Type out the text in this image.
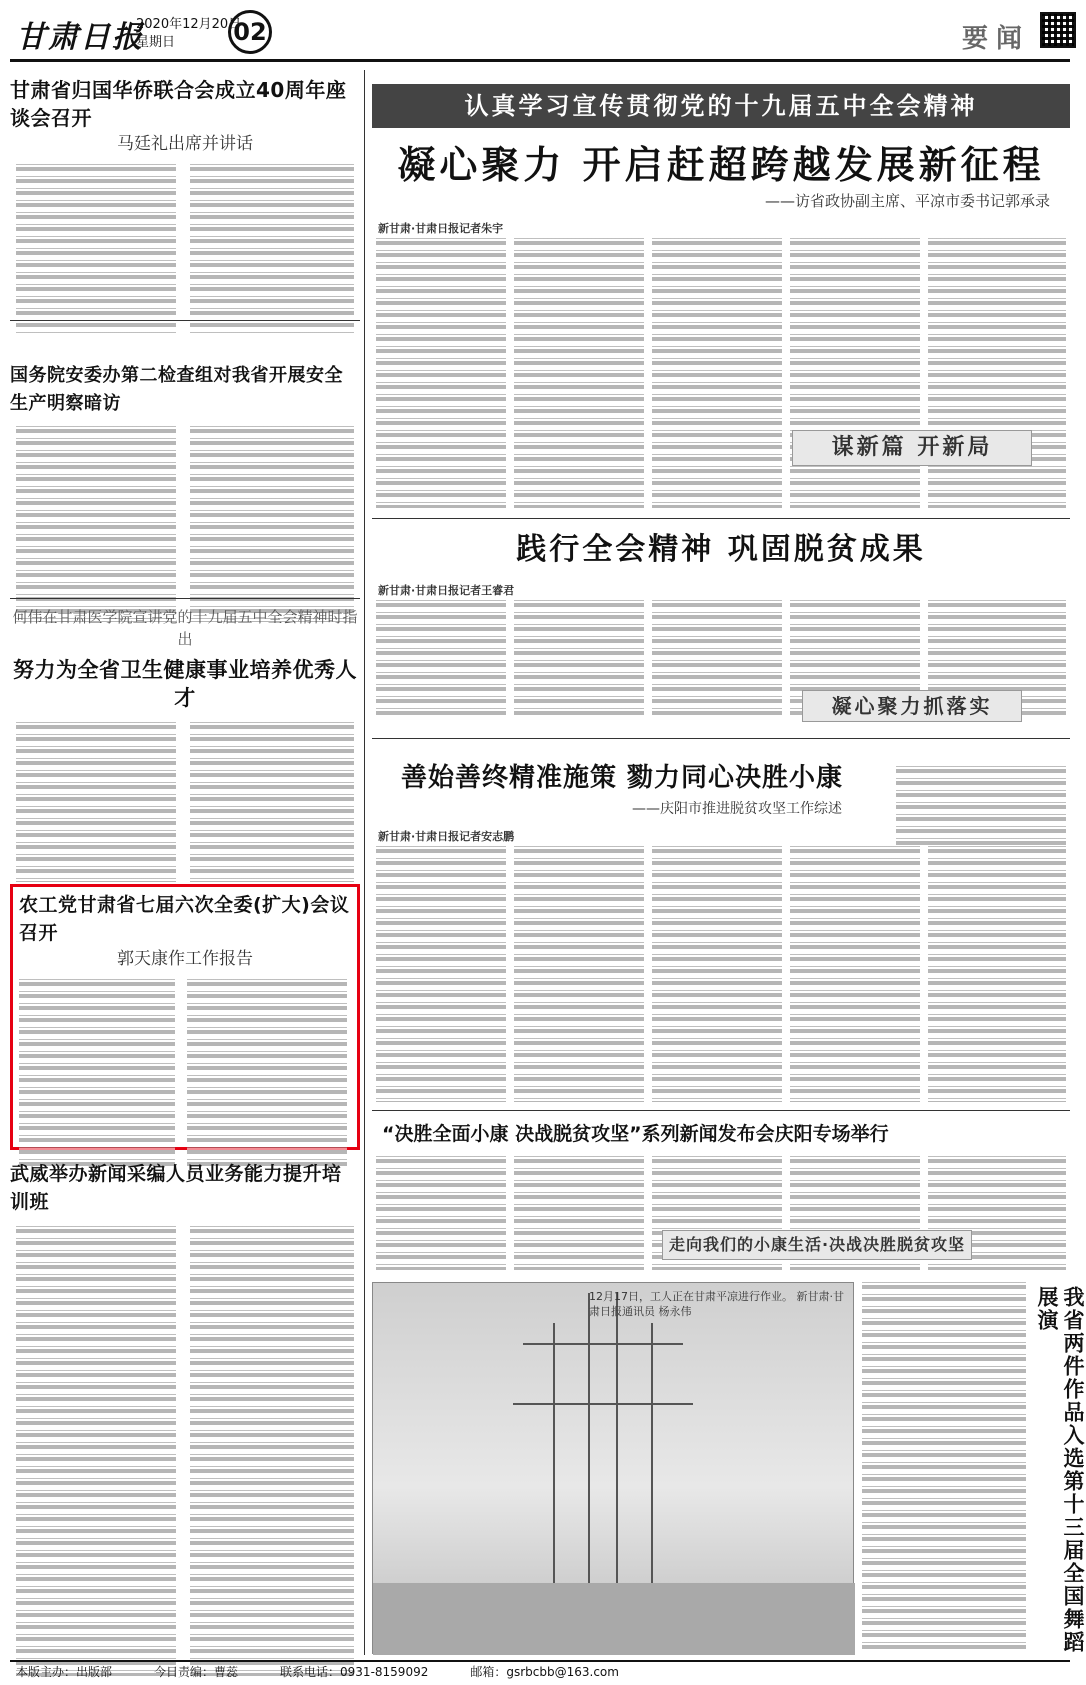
甘肃日报
2020年12月20日
星期日	02	要闻
甘肃省归国华侨联合会成立40周年座谈会召开
马廷礼出席并讲话
国务院安委办第二检查组对我省开展安全生产明察暗访
何伟在甘肃医学院宣讲党的十九届五中全会精神时指出
努力为全省卫生健康事业培养优秀人才
农工党甘肃省七届六次全委(扩大)会议召开
郭天康作工作报告
武威举办新闻采编人员业务能力提升培训班
认真学习宣传贯彻党的十九届五中全会精神
凝心聚力 开启赶超跨越发展新征程
——访省政协副主席、平凉市委书记郭承录
新甘肃·甘肃日报记者朱宇
谋新篇 开新局
践行全会精神 巩固脱贫成果
新甘肃·甘肃日报记者王睿君
凝心聚力抓落实
善始善终精准施策 勠力同心决胜小康
——庆阳市推进脱贫攻坚工作综述
新甘肃·甘肃日报记者安志鹏
“决胜全面小康 决战脱贫攻坚”系列新闻发布会庆阳专场举行
走向我们的小康生活·决战决胜脱贫攻坚
12月17日，工人正在甘肃平凉进行作业。 新甘肃·甘肃日报通讯员 杨永伟	我省两件作品入选第十三届全国舞蹈展演
本版主办：出版部	今日责编：曹蕊	联系电话：0931-8159092	邮箱：gsrbcbb@163.com
